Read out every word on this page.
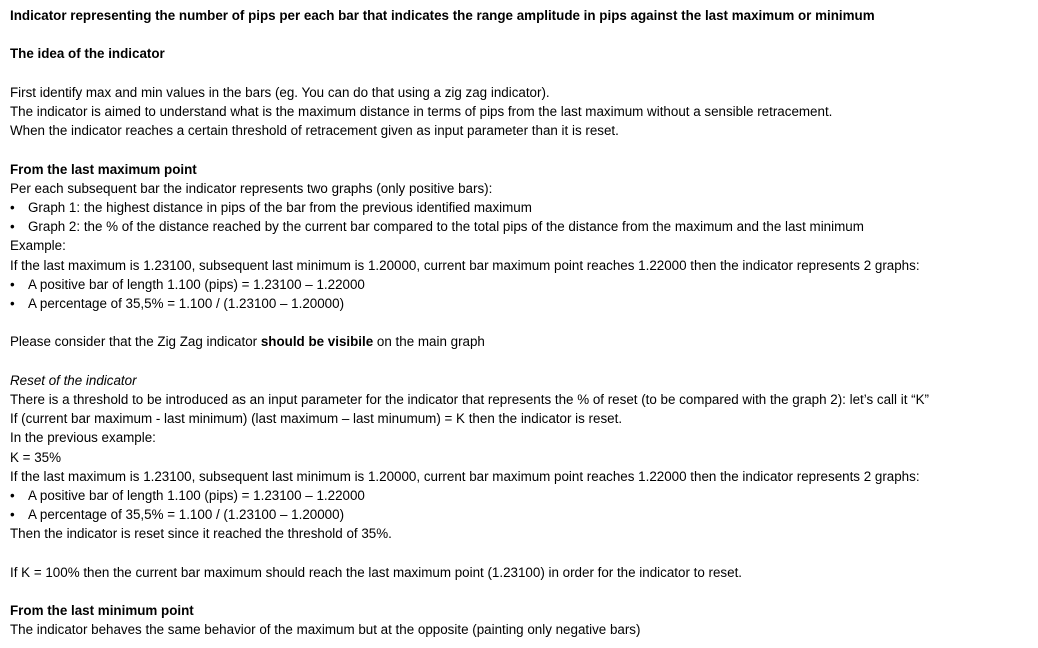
Indicator representing the number of pips per each bar that indicates the range amplitude in pips against the last maximum or minimum
The idea of the indicator
First identify max and min values in the bars (eg. You can do that using a zig zag indicator).
The indicator is aimed to understand what is the maximum distance in terms of pips from the last maximum without a sensible retracement.
When the indicator reaches a certain threshold of retracement given as input parameter than it is reset.
From the last maximum point
Per each subsequent bar the indicator represents two graphs (only positive bars):
• Graph 1: the highest distance in pips of the bar from the previous identified maximum
• Graph 2: the % of the distance reached by the current bar compared to the total pips of the distance from the maximum and the last minimum
Example:
If the last maximum is 1.23100, subsequent last minimum is 1.20000, current bar maximum point reaches 1.22000 then the indicator represents 2 graphs:
• A positive bar of length 1.100 (pips) = 1.23100 – 1.22000
• A percentage of 35,5% = 1.100 / (1.23100 – 1.20000)
Please consider that the Zig Zag indicator should be visibile on the main graph
Reset of the indicator
There is a threshold to be introduced as an input parameter for the indicator that represents the % of reset (to be compared with the graph 2): let’s call it “K”
If (current bar maximum - last minimum) (last maximum – last minumum) = K then the indicator is reset.
In the previous example:
K = 35%
If the last maximum is 1.23100, subsequent last minimum is 1.20000, current bar maximum point reaches 1.22000 then the indicator represents 2 graphs:
• A positive bar of length 1.100 (pips) = 1.23100 – 1.22000
• A percentage of 35,5% = 1.100 / (1.23100 – 1.20000)
Then the indicator is reset since it reached the threshold of 35%.
If K = 100% then the current bar maximum should reach the last maximum point (1.23100) in order for the indicator to reset.
From the last minimum point
The indicator behaves the same behavior of the maximum but at the opposite (painting only negative bars)
